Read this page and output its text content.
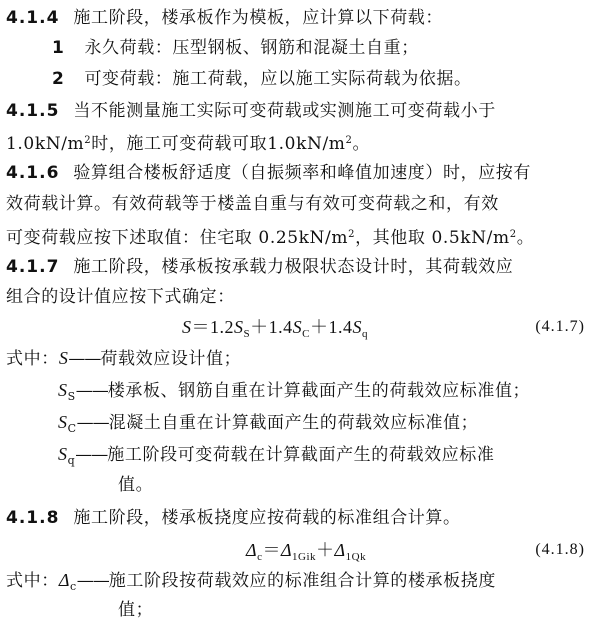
4.1.4 施工阶段，楼承板作为模板，应计算以下荷载：
1 永久荷载：压型钢板、钢筋和混凝土自重；
2 可变荷载：施工荷载，应以施工实际荷载为依据。
4.1.5 当不能测量施工实际可变荷载或实测施工可变荷载小于
$1.0kN/m^2$时，施工可变荷载可取$1.0kN/m^2$。
4.1.6 验算组合楼板舒适度（自振频率和峰值加速度）时，应按有
效荷载计算。有效荷载等于楼盖自重与有效可变荷载之和，有效
可变荷载应按下述取值：住宅取 $0.25kN/m^2$，其他取 $0.5kN/m^2$。
4.1.7 施工阶段，楼承板按承载力极限状态设计时，其荷载效应
组合的设计值应按下式确定：
$S=1.2S_S+1.4S_C+1.4S_q$	(4.1.7)
式中：S——荷载效应设计值；
$S_S——$楼承板、钢筋自重在计算截面产生的荷载效应标准值；
$S_C——$混凝土自重在计算截面产生的荷载效应标准值；
$S_q——$施工阶段可变荷载在计算截面产生的荷载效应标准
值。
4.1.8 施工阶段，楼承板挠度应按荷载的标准组合计算。
$\Delta_c=\Delta_{1Gik}+\Delta_{1Qk}$	(4.1.8)
式中：$\Delta_c——$施工阶段按荷载效应的标准组合计算的楼承板挠度
值；
